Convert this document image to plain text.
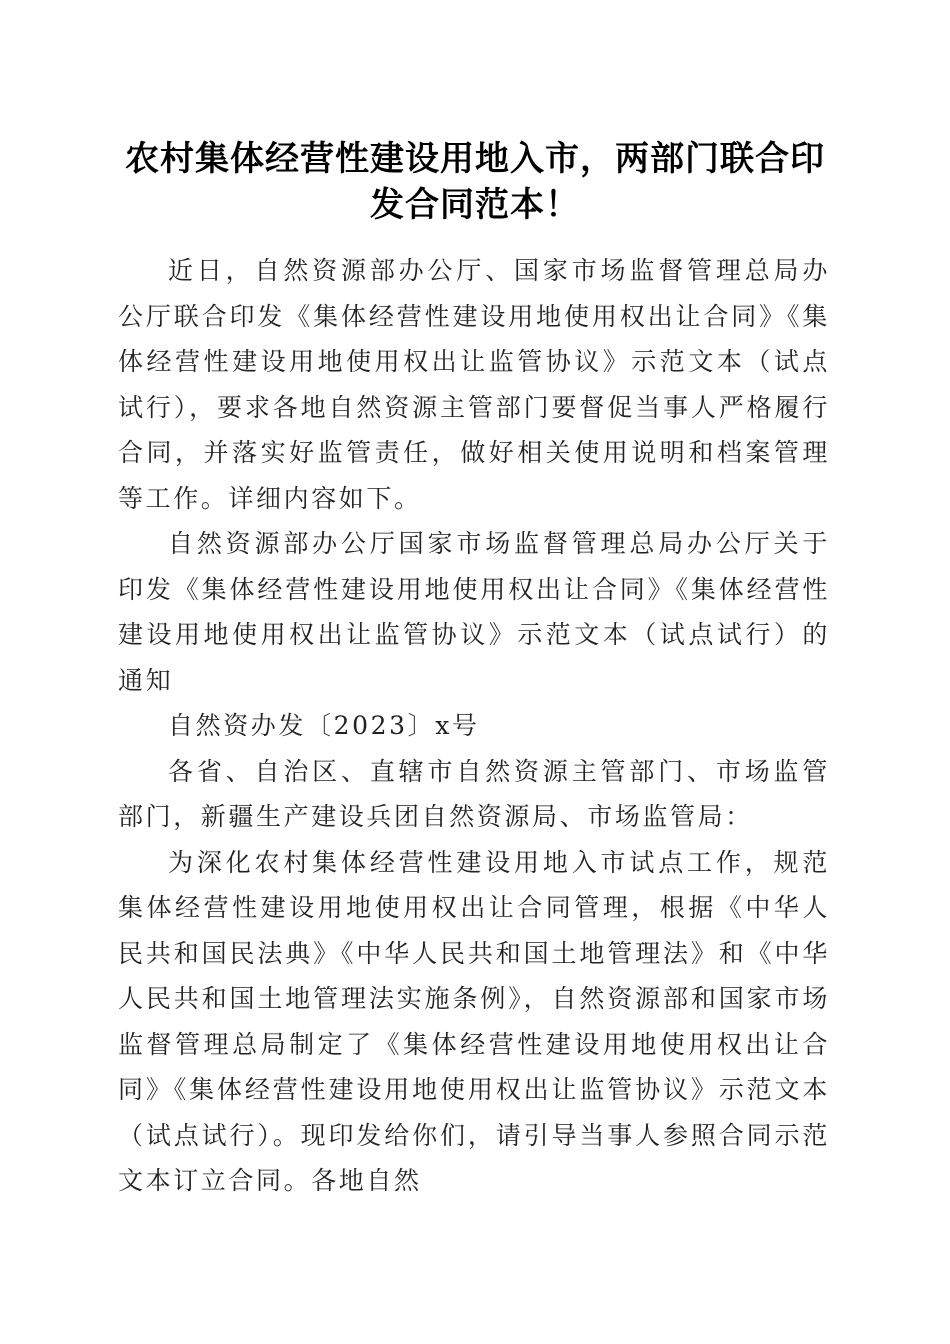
农村集体经营性建设用地入市，两部门联合印发合同范本！

近日，自然资源部办公厅、国家市场监督管理总局办公厅联合印发《集体经营性建设用地使用权出让合同》《集体经营性建设用地使用权出让监管协议》示范文本（试点试行），要求各地自然资源主管部门要督促当事人严格履行合同，并落实好监管责任，做好相关使用说明和档案管理等工作。详细内容如下。

自然资源部办公厅国家市场监督管理总局办公厅关于印发《集体经营性建设用地使用权出让合同》《集体经营性建设用地使用权出让监管协议》示范文本（试点试行）的通知

自然资办发〔2023〕x号

各省、自治区、直辖市自然资源主管部门、市场监管部门，新疆生产建设兵团自然资源局、市场监管局：

为深化农村集体经营性建设用地入市试点工作，规范集体经营性建设用地使用权出让合同管理，根据《中华人民共和国民法典》《中华人民共和国土地管理法》和《中华人民共和国土地管理法实施条例》，自然资源部和国家市场监督管理总局制定了《集体经营性建设用地使用权出让合同》《集体经营性建设用地使用权出让监管协议》示范文本（试点试行）。现印发给你们，请引导当事人参照合同示范文本订立合同。各地自然
